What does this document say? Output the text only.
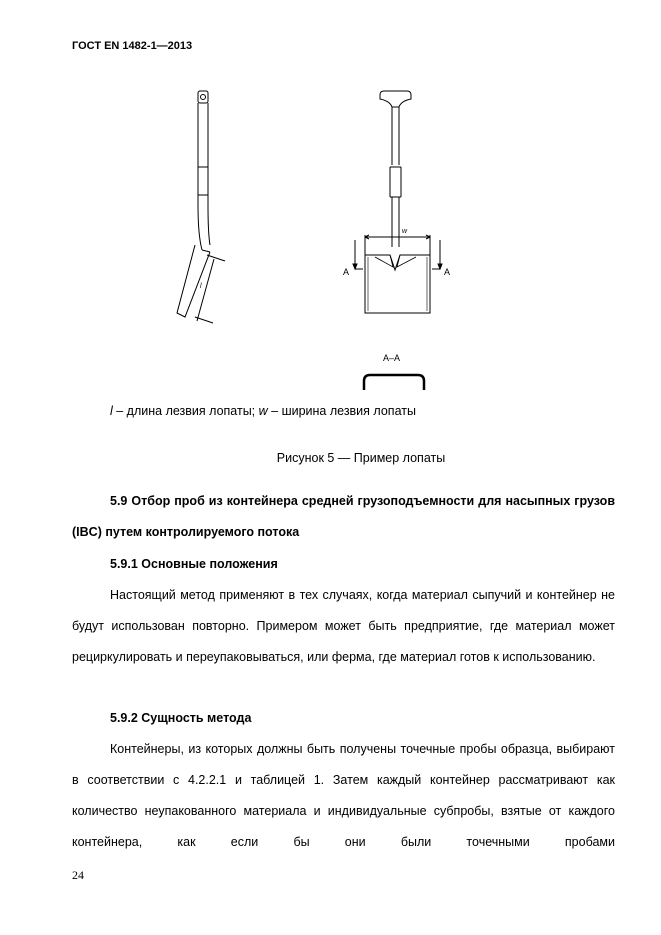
ГОСТ EN 1482-1—2013
l
w
A	A
А–А
l – длина лезвия лопаты; w – ширина лезвия лопаты
Рисунок 5 — Пример лопаты
5.9 Отбор проб из контейнера средней грузоподъемности для насыпных грузов (IBC) путем контролируемого потока
5.9.1 Основные положения
Настоящий метод применяют в тех случаях, когда материал сыпучий и контейнер не будут использован повторно. Примером может быть предприятие, где материал может рециркулировать и переупаковываться, или ферма, где материал готов к использованию.
5.9.2 Сущность метода
Контейнеры, из которых должны быть получены точечные пробы образца, выбирают в соответствии с 4.2.2.1 и таблицей 1. Затем каждый контейнер рассматривают как количество неупакованного материала и индивидуальные субпробы, взятые от каждого контейнера, как если бы они были точечными пробами
24
